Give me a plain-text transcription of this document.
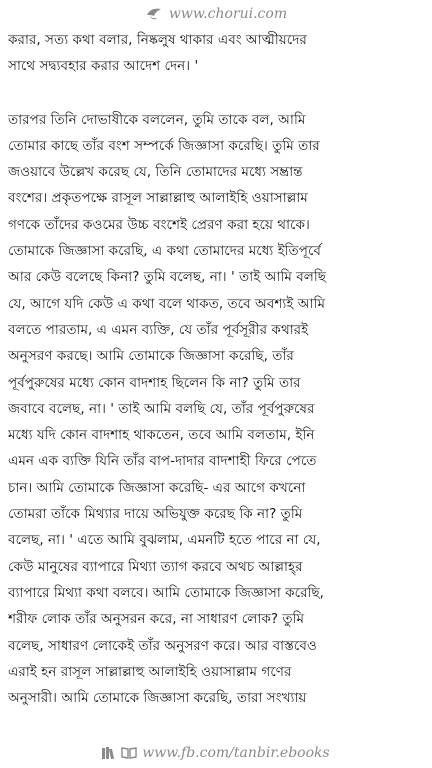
www.chorui.com
করার, সত্য কথা বলার, নিষ্কলুষ থাকার এবং আত্মীয়দের
সাথে সদ্ব্যবহার করার আদেশ দেন। '
তারপর তিনি দোভাষীকে বললেন, তুমি তাকে বল, আমি
তোমার কাছে তাঁর বংশ সম্পর্কে জিজ্ঞাসা করেছি। তুমি তার
জওয়াবে উল্লেখ করেছ যে, তিনি তোমাদের মধ্যে সম্ভ্রান্ত
বংশের। প্রকৃতপক্ষে রাসূল সাল্লাল্লাহু আলাইহি ওয়াসাল্লাম
গণকে তাঁদের কওমের উচ্চ বংশেই প্রেরণ করা হয়ে থাকে।
তোমাকে জিজ্ঞাসা করেছি, এ কথা তোমাদের মধ্যে ইতিপূর্বে
আর কেউ বলেছে কিনা? তুমি বলেছ, না। ' তাই আমি বলছি
যে, আগে যদি কেউ এ কথা বলে থাকত, তবে অবশ্যই আমি
বলতে পারতাম, এ এমন ব্যক্তি, যে তাঁর পূর্বসূরীর কথারই
অনুসরণ করছে। আমি তোমাকে জিজ্ঞাসা করেছি, তাঁর
পূর্বপুরুষের মধ্যে কোন বাদশাহ ছিলেন কি না? তুমি তার
জবাবে বলেছ, না। ' তাই আমি বলছি যে, তাঁর পূর্বপুরুষের
মধ্যে যদি কোন বাদশাহ থাকতেন, তবে আমি বলতাম, ইনি
এমন এক ব্যক্তি যিনি তাঁর বাপ-দাদার বাদশাহী ফিরে পেতে
চান। আমি তোমাকে জিজ্ঞাসা করেছি- এর আগে কখনো
তোমরা তাঁকে মিথ্যার দায়ে অভিযুক্ত করেছ কি না? তুমি
বলেছ, না। ' এতে আমি বুঝলাম, এমনটি হতে পারে না যে,
কেউ মানুষের ব্যাপারে মিথ্যা ত্যাগ করবে অথচ আল্লাহ্‌র
ব্যাপারে মিথ্যা কথা বলবে। আমি তোমাকে জিজ্ঞাসা করেছি,
শরীফ লোক তাঁর অনুসরন করে, না সাধারণ লোক? তুমি
বলেছ, সাধারণ লোকেই তাঁর অনুসরণ করে। আর বাস্তবেও
এরাই হন রাসূল সাল্লাল্লাহু আলাইহি ওয়াসাল্লাম গণের
অনুসারী। আমি তোমাকে জিজ্ঞাসা করেছি, তারা সংখ্যায়
www.fb.com/tanbir.ebooks
